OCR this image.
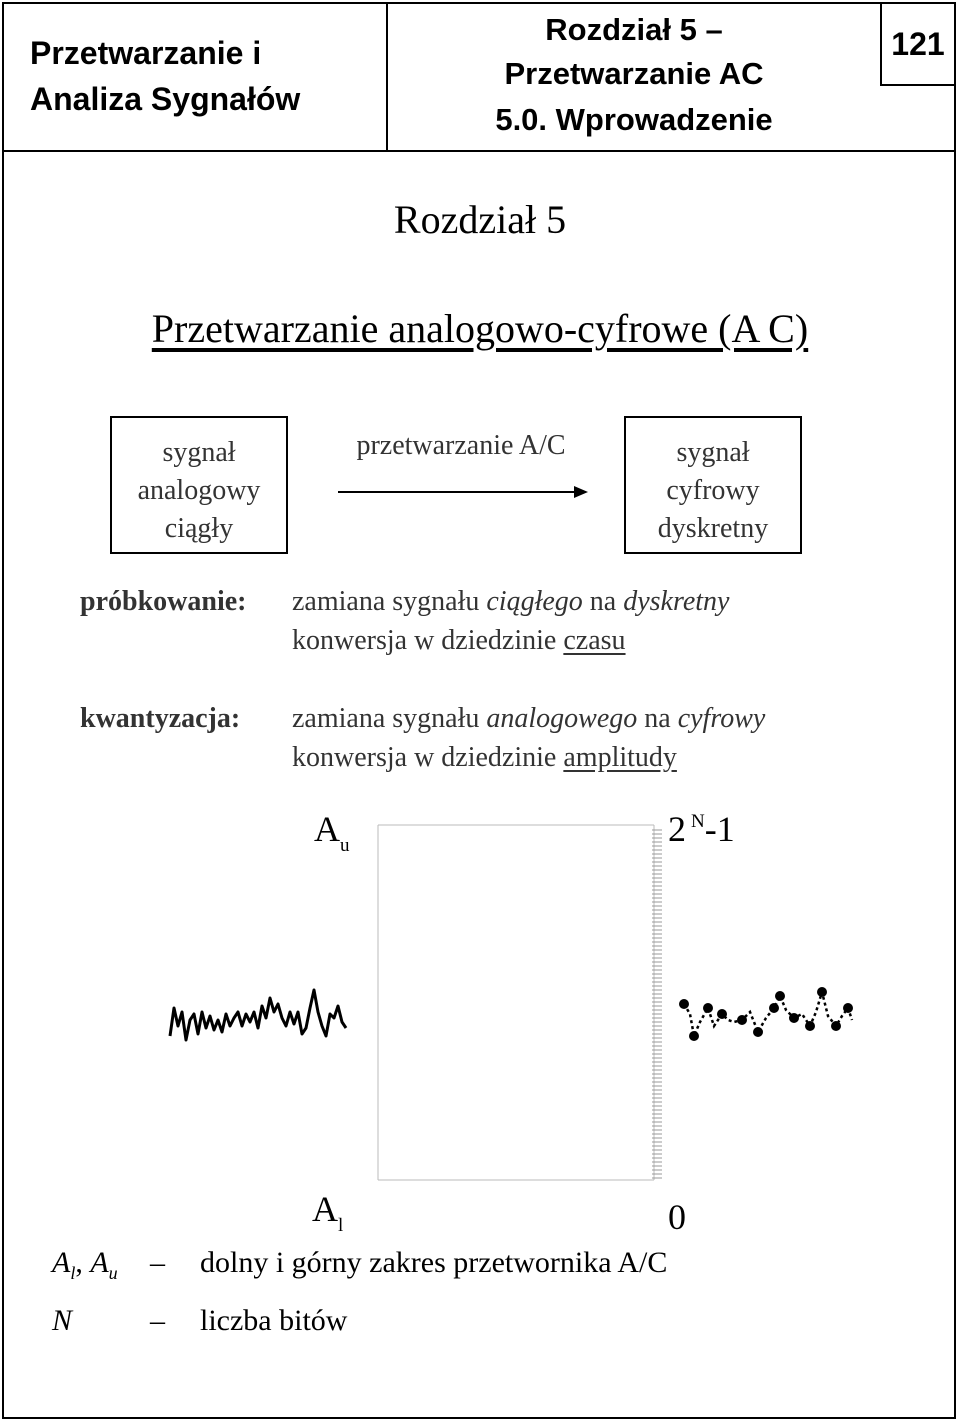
Przetwarzanie i
Analiza Sygnałów
Rozdział 5 –
Przetwarzanie AC
5.0. Wprowadzenie
121
Rozdział 5
Przetwarzanie analogowo-cyfrowe (A C)
sygnał
analogowy
ciągły
przetwarzanie A/C	sygnał
cyfrowy
dyskretny
próbkowanie: zamiana sygnału ciągłego na dyskretny
konwersja w dziedzinie czasu
kwantyzacja: zamiana sygnału analogowego na cyfrowy
konwersja w dziedzinie amplitudy
$A_u$	2 $^N$-1
$A_l$	0
$A_l$, $A_u$ – dolny i górny zakres przetwornika A/C
N	– liczba bitów
